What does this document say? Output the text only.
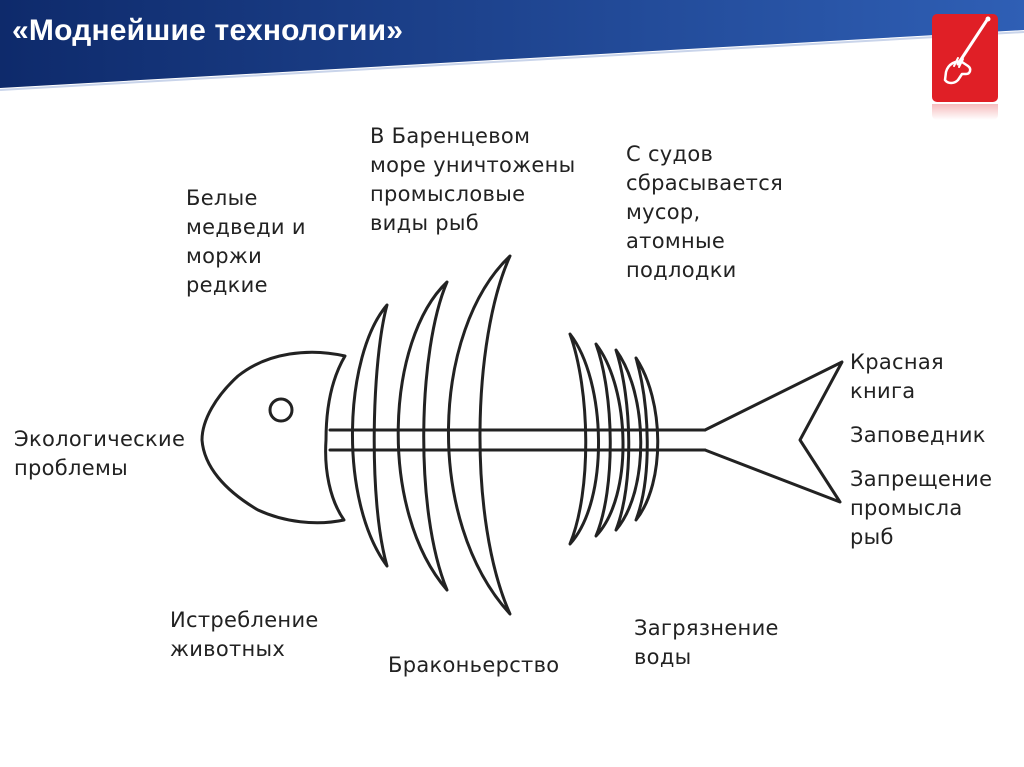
«Моднейшие технологии»
Экологические
проблемы
Белые
медведи и
моржи
редкие
В Баренцевом
море уничтожены
промысловые
виды рыб
С судов
сбрасывается
мусор,
атомные
подлодки
Истребление
животных
Браконьерство
Загрязнение
воды
Красная
книга
Заповедник
Запрещение
промысла
рыб
